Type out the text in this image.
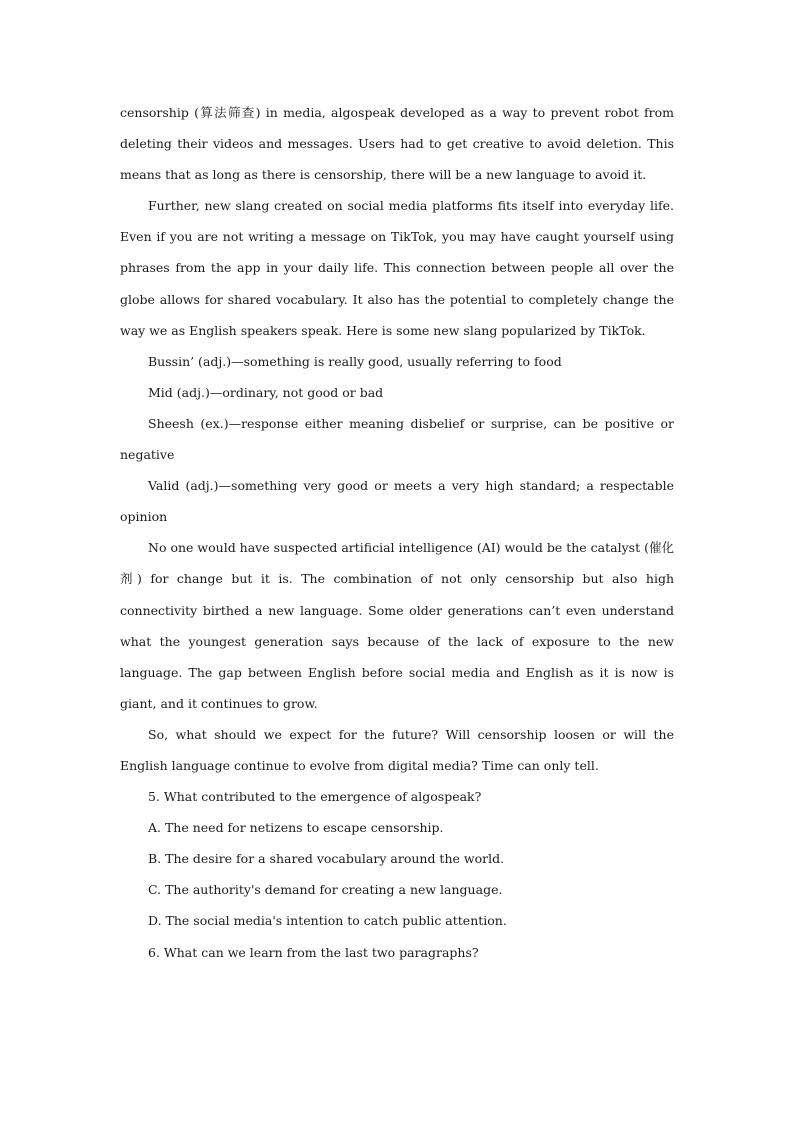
censorship (算法筛查) in media, algospeak developed as a way to prevent robot from deleting their videos and messages. Users had to get creative to avoid deletion. This means that as long as there is censorship, there will be a new language to avoid it.

Further, new slang created on social media platforms fits itself into everyday life. Even if you are not writing a message on TikTok, you may have caught yourself using phrases from the app in your daily life. This connection between people all over the globe allows for shared vocabulary. It also has the potential to completely change the way we as English speakers speak. Here is some new slang popularized by TikTok.

Bussin’ (adj.)—something is really good, usually referring to food

Mid (adj.)—ordinary, not good or bad

Sheesh (ex.)—response either meaning disbelief or surprise, can be positive or negative

Valid (adj.)—something very good or meets a very high standard; a respectable opinion

No one would have suspected artificial intelligence (AI) would be the catalyst (催化剂) for change but it is. The combination of not only censorship but also high connectivity birthed a new language. Some older generations can’t even understand what the youngest generation says because of the lack of exposure to the new language. The gap between English before social media and English as it is now is giant, and it continues to grow.

So, what should we expect for the future? Will censorship loosen or will the English language continue to evolve from digital media? Time can only tell.

5. What contributed to the emergence of algospeak?

A. The need for netizens to escape censorship.

B. The desire for a shared vocabulary around the world.

C. The authority's demand for creating a new language.

D. The social media's intention to catch public attention.

6. What can we learn from the last two paragraphs?
